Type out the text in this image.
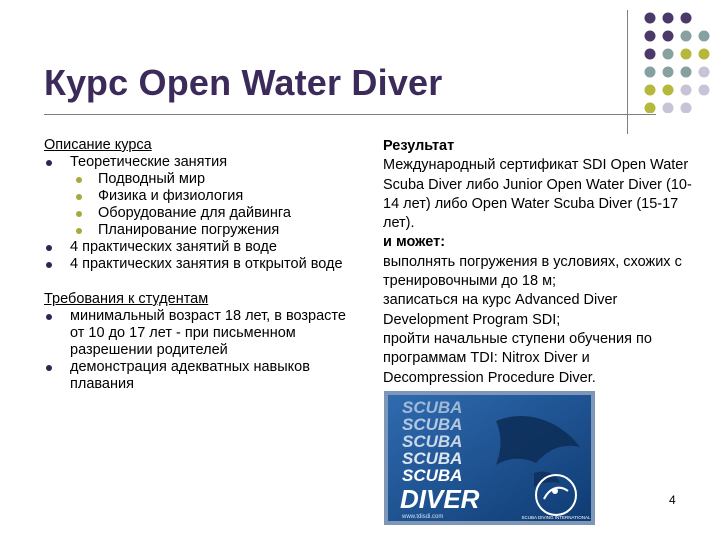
Курс Open Water Diver

Описание курса

Теоретические занятия
Подводный мир
Физика и физиология
Оборудование для дайвинга
Планирование погружения
4 практических занятий в воде
4 практических занятия в открытой воде

Требования к студентам

минимальный возраст 18 лет, в возрасте от 10 до 17 лет - при письменном разрешении родителей
демонстрация адекватных навыков плавания

Результат

Международный сертификат SDI Open Water Scuba Diver либо Junior Open Water Diver (10-14 лет) либо Open Water Scuba Diver (15-17 лет).

и может:

выполнять погружения в условиях, схожих с тренировочными до 18 м;

записаться на курс Advanced Diver Development Program SDI;

пройти начальные ступени обучения по программам TDI: Nitrox Diver и Decompression Procedure Diver.

SCUBA
SCUBA
SCUBA
SCUBA
SCUBA
DIVER
www.tdisdi.com	SCUBA DIVING INTERNATIONAL
4
